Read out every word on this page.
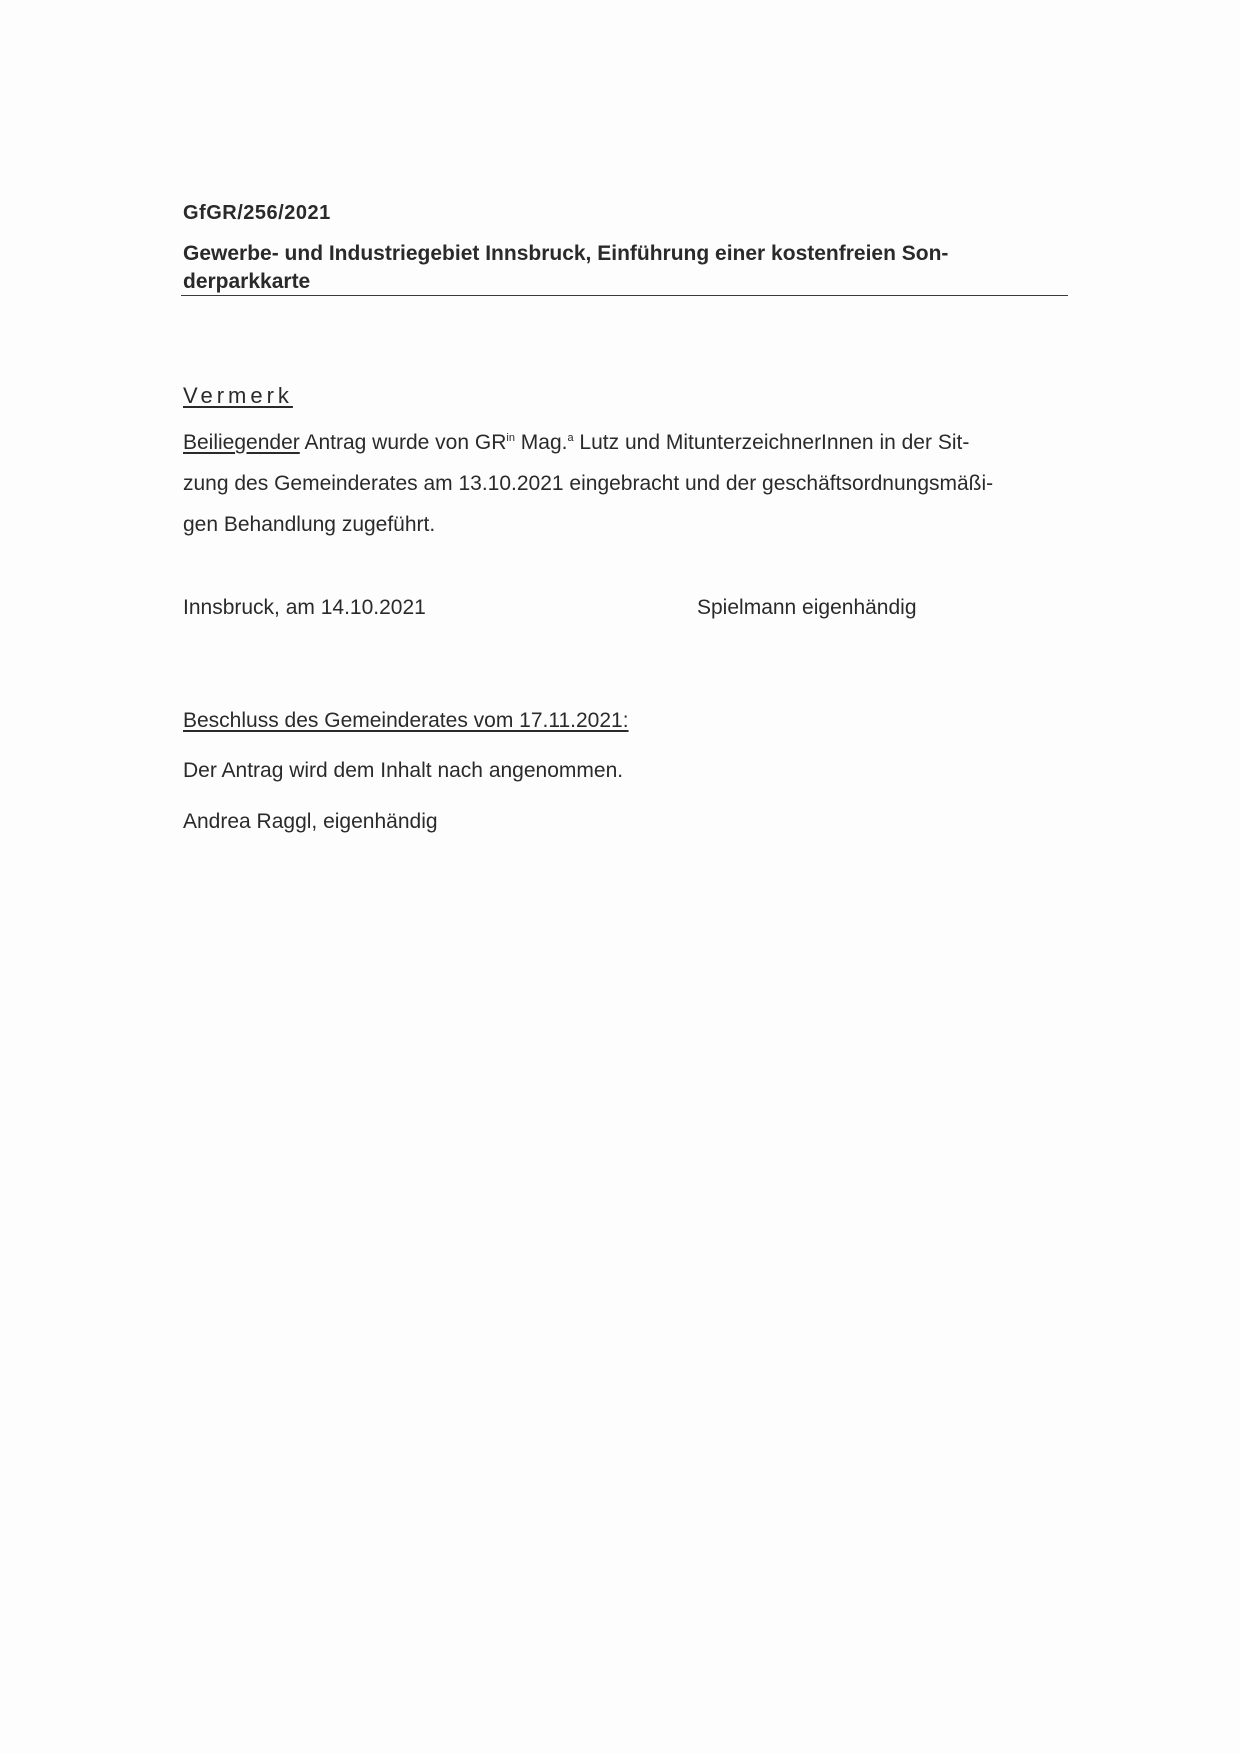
GfGR/256/2021
Gewerbe- und Industriegebiet Innsbruck, Einführung einer kostenfreien Son-
derparkkarte
Vermerk
Beiliegender Antrag wurde von $GR^{in}$ Mag.$^a$ Lutz und MitunterzeichnerInnen in der Sit-
zung des Gemeinderates am 13.10.2021 eingebracht und der geschäftsordnungsmäßi-
gen Behandlung zugeführt.
Innsbruck, am 14.10.2021	Spielmann eigenhändig
Beschluss des Gemeinderates vom 17.11.2021:
Der Antrag wird dem Inhalt nach angenommen.
Andrea Raggl, eigenhändig
